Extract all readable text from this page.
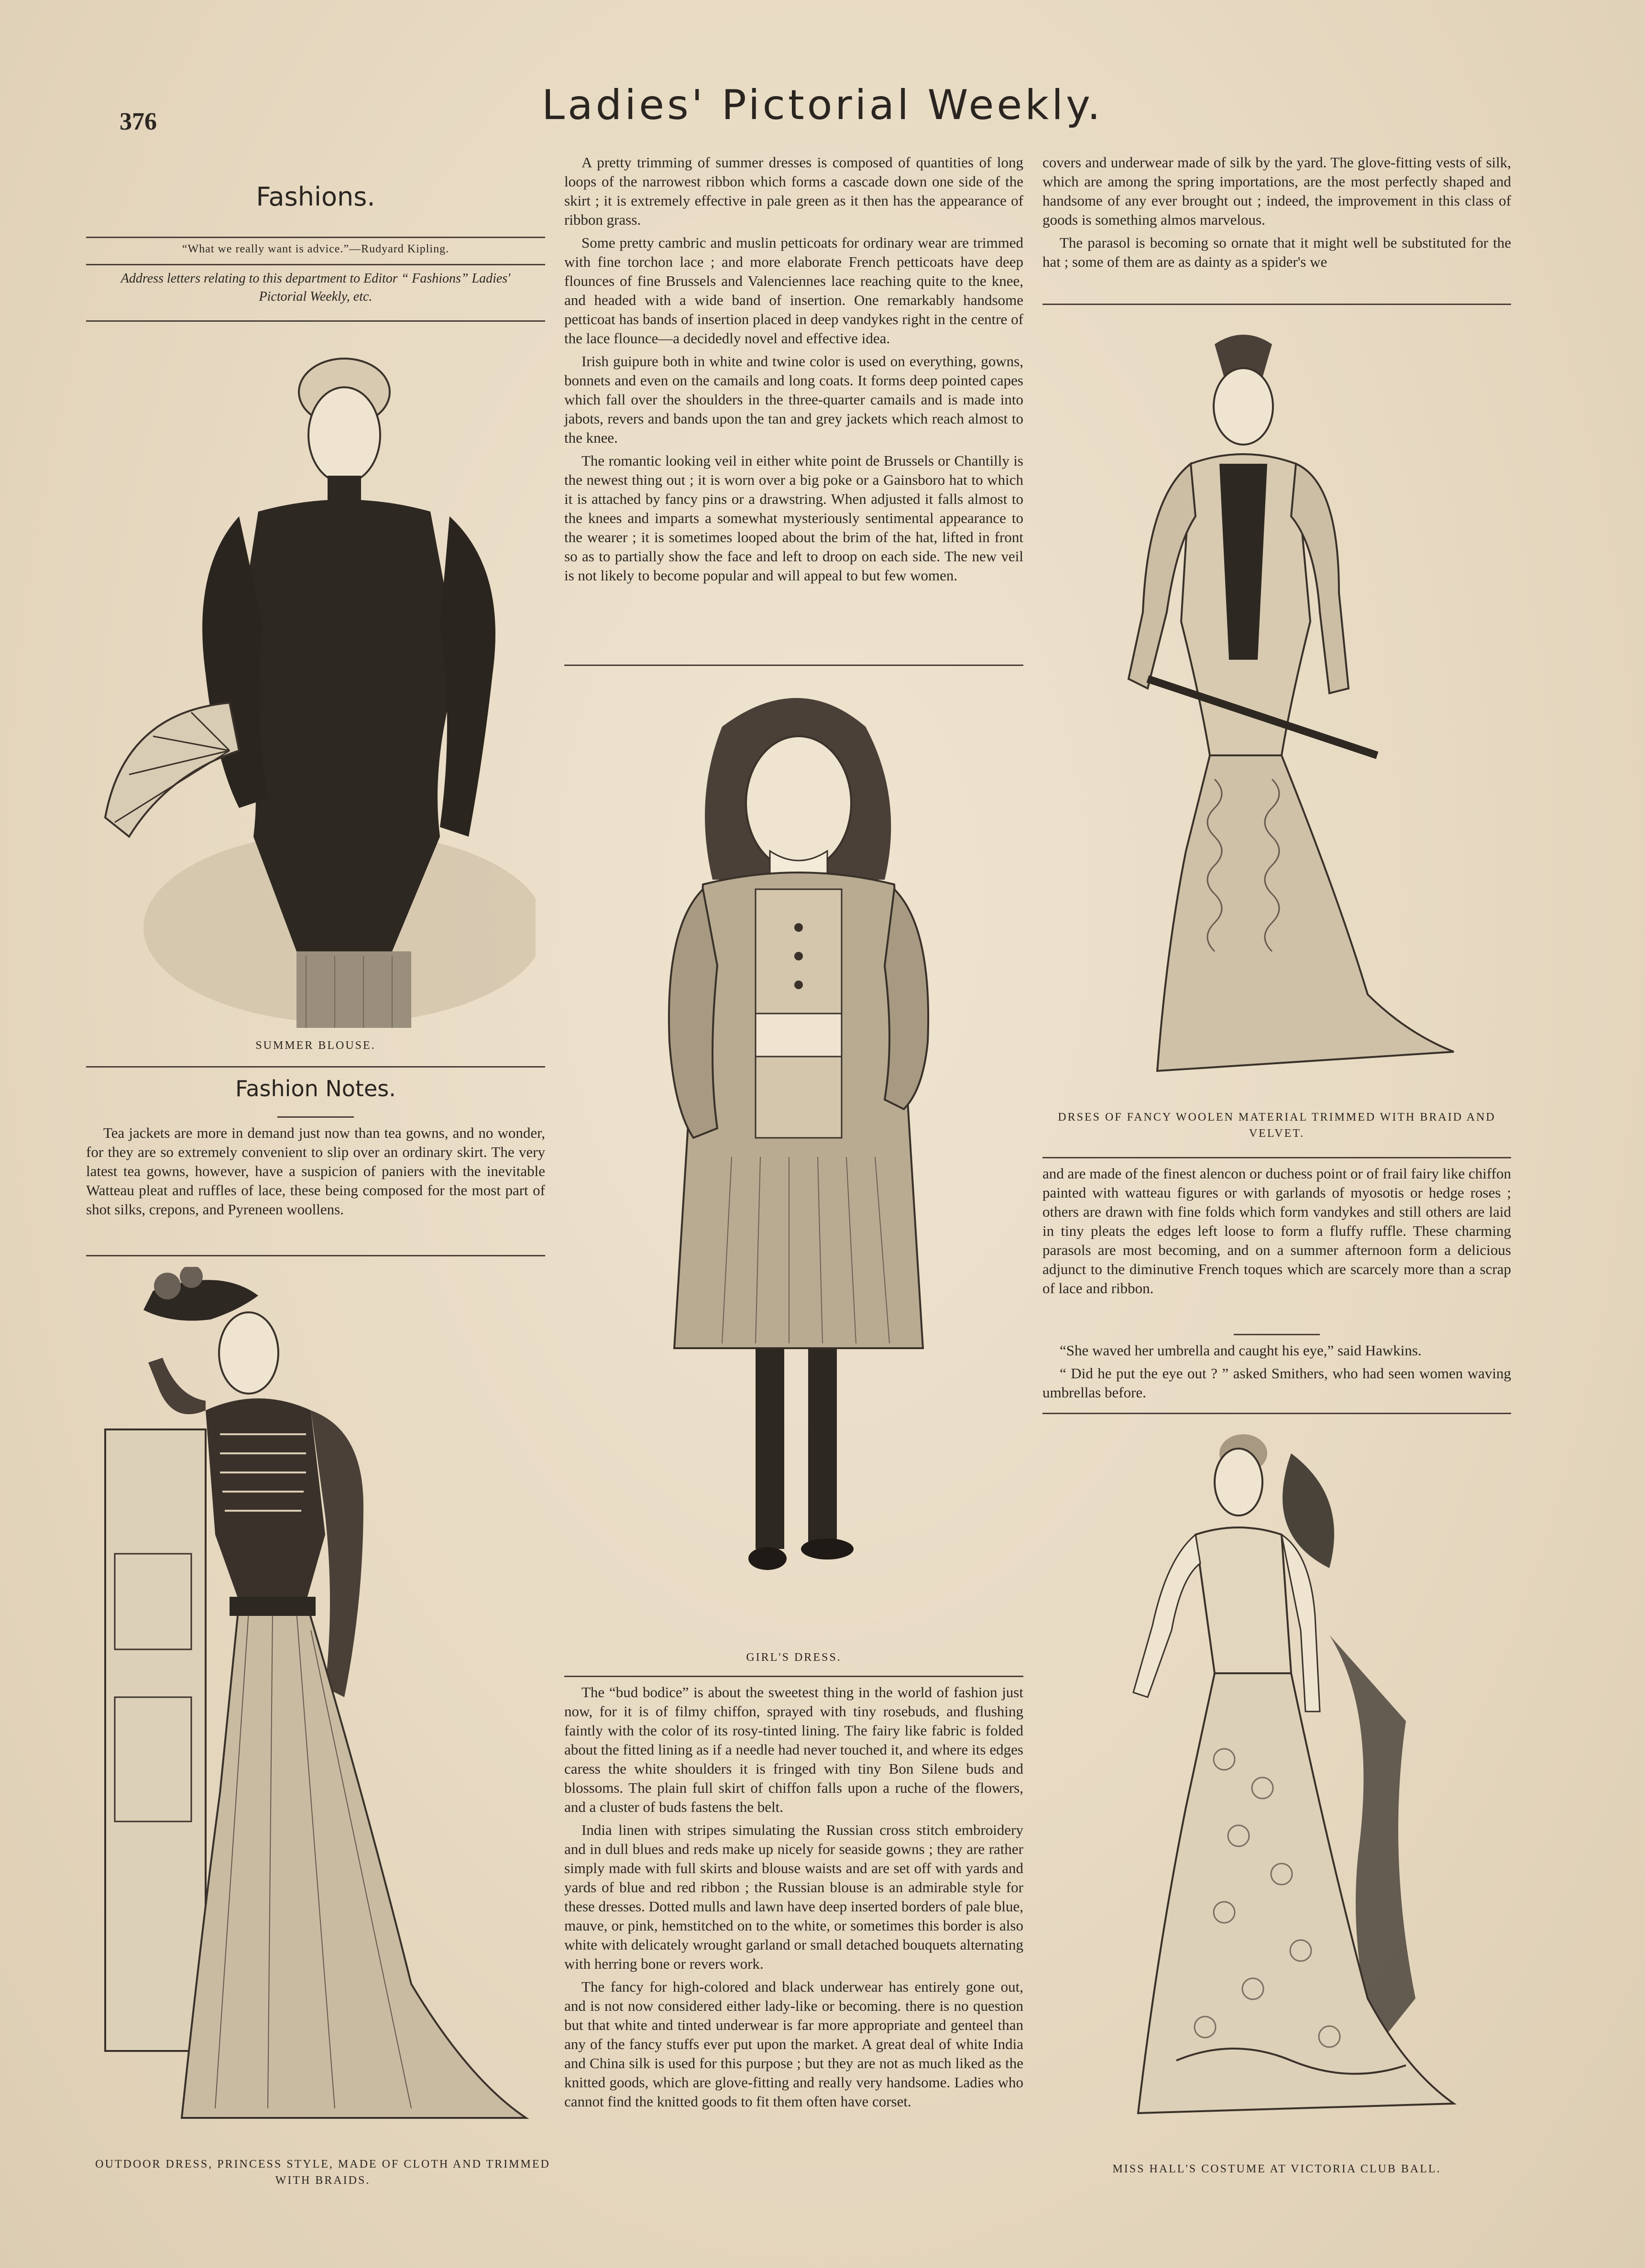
376	Ladies' Pictorial Weekly.
Fashions.
“What we really want is advice.”—Rudyard Kipling.
Address letters relating to this department to Editor “ Fashions” Ladies' Pictorial Weekly, etc.
SUMMER BLOUSE.
Fashion Notes.

Tea jackets are more in demand just now than tea gowns, and no wonder, for they are so extremely convenient to slip over an ordinary skirt. The very latest tea gowns, however, have a suspicion of paniers with the inevitable Watteau pleat and ruffles of lace, these being composed for the most part of shot silks, crepons, and Pyreneen woollens.

OUTDOOR DRESS, PRINCESS STYLE, MADE OF CLOTH AND TRIMMED WITH BRAIDS.

A pretty trimming of summer dresses is composed of quantities of long loops of the narrowest ribbon which forms a cascade down one side of the skirt ; it is extremely effective in pale green as it then has the appearance of ribbon grass.

Some pretty cambric and muslin petticoats for ordinary wear are trimmed with fine torchon lace ; and more elaborate French petticoats have deep flounces of fine Brussels and Valenciennes lace reaching quite to the knee, and headed with a wide band of insertion. One remarkably handsome petticoat has bands of insertion placed in deep vandykes right in the centre of the lace flounce—a decidedly novel and effective idea.

Irish guipure both in white and twine color is used on everything, gowns, bonnets and even on the camails and long coats. It forms deep pointed capes which fall over the shoulders in the three-quarter camails and is made into jabots, revers and bands upon the tan and grey jackets which reach almost to the knee.

The romantic looking veil in either white point de Brussels or Chantilly is the newest thing out ; it is worn over a big poke or a Gainsboro hat to which it is attached by fancy pins or a drawstring. When adjusted it falls almost to the knees and imparts a somewhat mysteriously sentimental appearance to the wearer ; it is sometimes looped about the brim of the hat, lifted in front so as to partially show the face and left to droop on each side. The new veil is not likely to become popular and will appeal to but few women.

GIRL'S DRESS.

The “bud bodice” is about the sweetest thing in the world of fashion just now, for it is of filmy chiffon, sprayed with tiny rosebuds, and flushing faintly with the color of its rosy-tinted lining. The fairy like fabric is folded about the fitted lining as if a needle had never touched it, and where its edges caress the white shoulders it is fringed with tiny Bon Silene buds and blossoms. The plain full skirt of chiffon falls upon a ruche of the flowers, and a cluster of buds fastens the belt.

India linen with stripes simulating the Russian cross stitch embroidery and in dull blues and reds make up nicely for seaside gowns ; they are rather simply made with full skirts and blouse waists and are set off with yards and yards of blue and red ribbon ; the Russian blouse is an admirable style for these dresses. Dotted mulls and lawn have deep inserted borders of pale blue, mauve, or pink, hemstitched on to the white, or sometimes this border is also white with delicately wrought garland or small detached bouquets alternating with herring bone or revers work.

The fancy for high-colored and black underwear has entirely gone out, and is not now considered either lady-like or becoming. there is no question but that white and tinted underwear is far more appropriate and genteel than any of the fancy stuffs ever put upon the market. A great deal of white India and China silk is used for this purpose ; but they are not as much liked as the knitted goods, which are glove-fitting and really very handsome. Ladies who cannot find the knitted goods to fit them often have corset.

covers and underwear made of silk by the yard. The glove-fitting vests of silk, which are among the spring importations, are the most perfectly shaped and handsome of any ever brought out ; indeed, the improvement in this class of goods is something almos marvelous.

The parasol is becoming so ornate that it might well be substituted for the hat ; some of them are as dainty as a spider's we

DRSES OF FANCY WOOLEN MATERIAL TRIMMED WITH BRAID AND VELVET.

and are made of the finest alencon or duchess point or of frail fairy like chiffon painted with watteau figures or with garlands of myosotis or hedge roses ; others are drawn with fine folds which form vandykes and still others are laid in tiny pleats the edges left loose to form a fluffy ruffle. These charming parasols are most becoming, and on a summer afternoon form a delicious adjunct to the diminutive French toques which are scarcely more than a scrap of lace and ribbon.

“She waved her umbrella and caught his eye,” said Hawkins.

“ Did he put the eye out ? ” asked Smithers, who had seen women waving umbrellas before.

MISS HALL'S COSTUME AT VICTORIA CLUB BALL.
